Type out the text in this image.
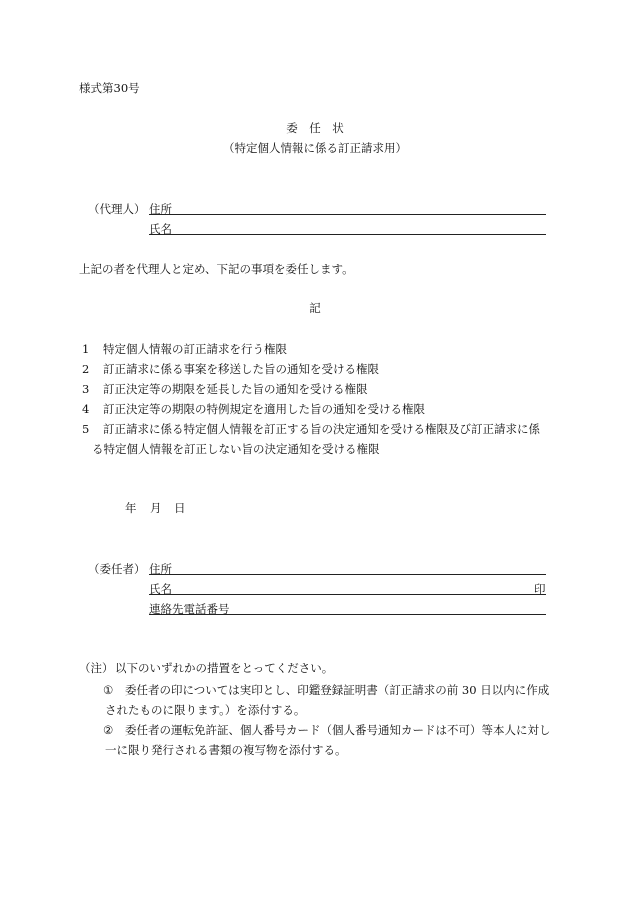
様式第30号
委　任　状
（特定個人情報に係る訂正請求用）
（代理人） 住所
氏名
上記の者を代理人と定め、下記の事項を委任します。
記
1 特定個人情報の訂正請求を行う権限
2 訂正請求に係る事案を移送した旨の通知を受ける権限
3 訂正決定等の期限を延長した旨の通知を受ける権限
4 訂正決定等の期限の特例規定を適用した旨の通知を受ける権限
5 訂正請求に係る特定個人情報を訂正する旨の決定通知を受ける権限及び訂正請求に係
る特定個人情報を訂正しない旨の決定通知を受ける権限
年 月 日
（委任者） 住所
氏名	印
連絡先電話番号
（注） 以下のいずれかの措置をとってください。
① 委任者の印については実印とし、印鑑登録証明書（訂正請求の前 30 日以内に作成
されたものに限ります。）を添付する。
② 委任者の運転免許証、個人番号カード（個人番号通知カードは不可）等本人に対し
一に限り発行される書類の複写物を添付する。
